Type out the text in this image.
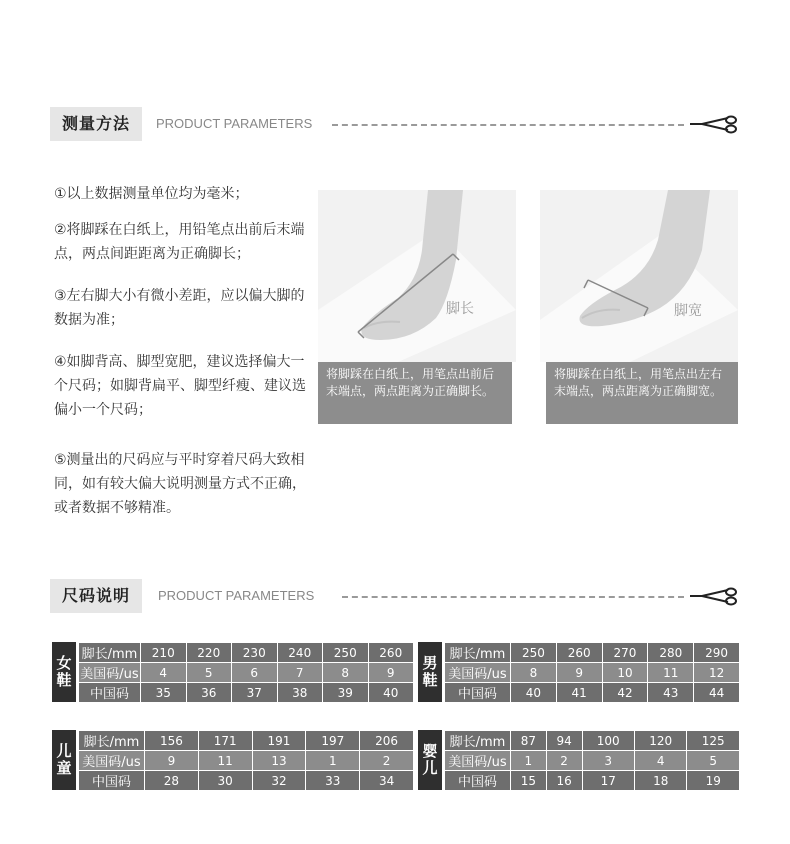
测量方法	PRODUCT PARAMETERS

①以上数据测量单位均为毫米；

②将脚踩在白纸上，用铅笔点出前后末端点，两点间距距离为正确脚长；

③左右脚大小有微小差距，应以偏大脚的数据为准；

④如脚背高、脚型宽肥，建议选择偏大一个尺码；如脚背扁平、脚型纤瘦、建议选偏小一个尺码；

⑤测量出的尺码应与平时穿着尺码大致相同，如有较大偏大说明测量方式不正确，或者数据不够精准。

脚长
将脚踩在白纸上，用笔点出前后末端点，两点距离为正确脚长。
脚宽
将脚踩在白纸上，用笔点出左右末端点，两点距离为正确脚宽。
尺码说明	PRODUCT PARAMETERS
女鞋
脚长/mm	210	220	230	240	250	260
美国码/us	4	5	6	7	8	9
中国码	35	36	37	38	39	40
男鞋
脚长/mm	250	260	270	280	290
美国码/us	8	9	10	11	12
中国码	40	41	42	43	44
儿童
脚长/mm	156	171	191	197	206
美国码/us	9	11	13	1	2
中国码	28	30	32	33	34
婴儿
脚长/mm	87	94	100	120	125
美国码/us	1	2	3	4	5
中国码	15	16	17	18	19
